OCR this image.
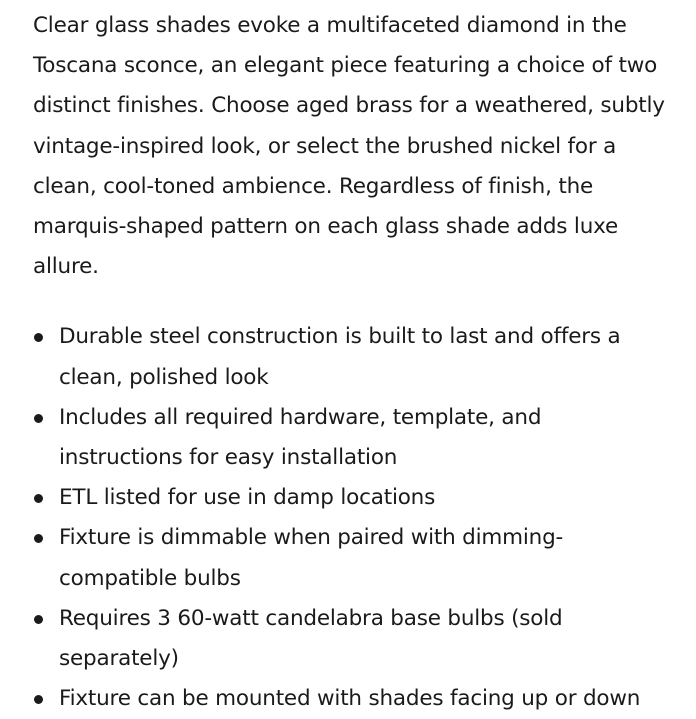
Clear glass shades evoke a multifaceted diamond in the Toscana sconce, an elegant piece featuring a choice of two distinct finishes. Choose aged brass for a weathered, subtly vintage-inspired look, or select the brushed nickel for a clean, cool-toned ambience. Regardless of finish, the marquis-shaped pattern on each glass shade adds luxe allure.

Durable steel construction is built to last and offers a clean, polished look
Includes all required hardware, template, and instructions for easy installation
ETL listed for use in damp locations
Fixture is dimmable when paired with dimming-compatible bulbs
Requires 3 60-watt candelabra base bulbs (sold separately)
Fixture can be mounted with shades facing up or down
